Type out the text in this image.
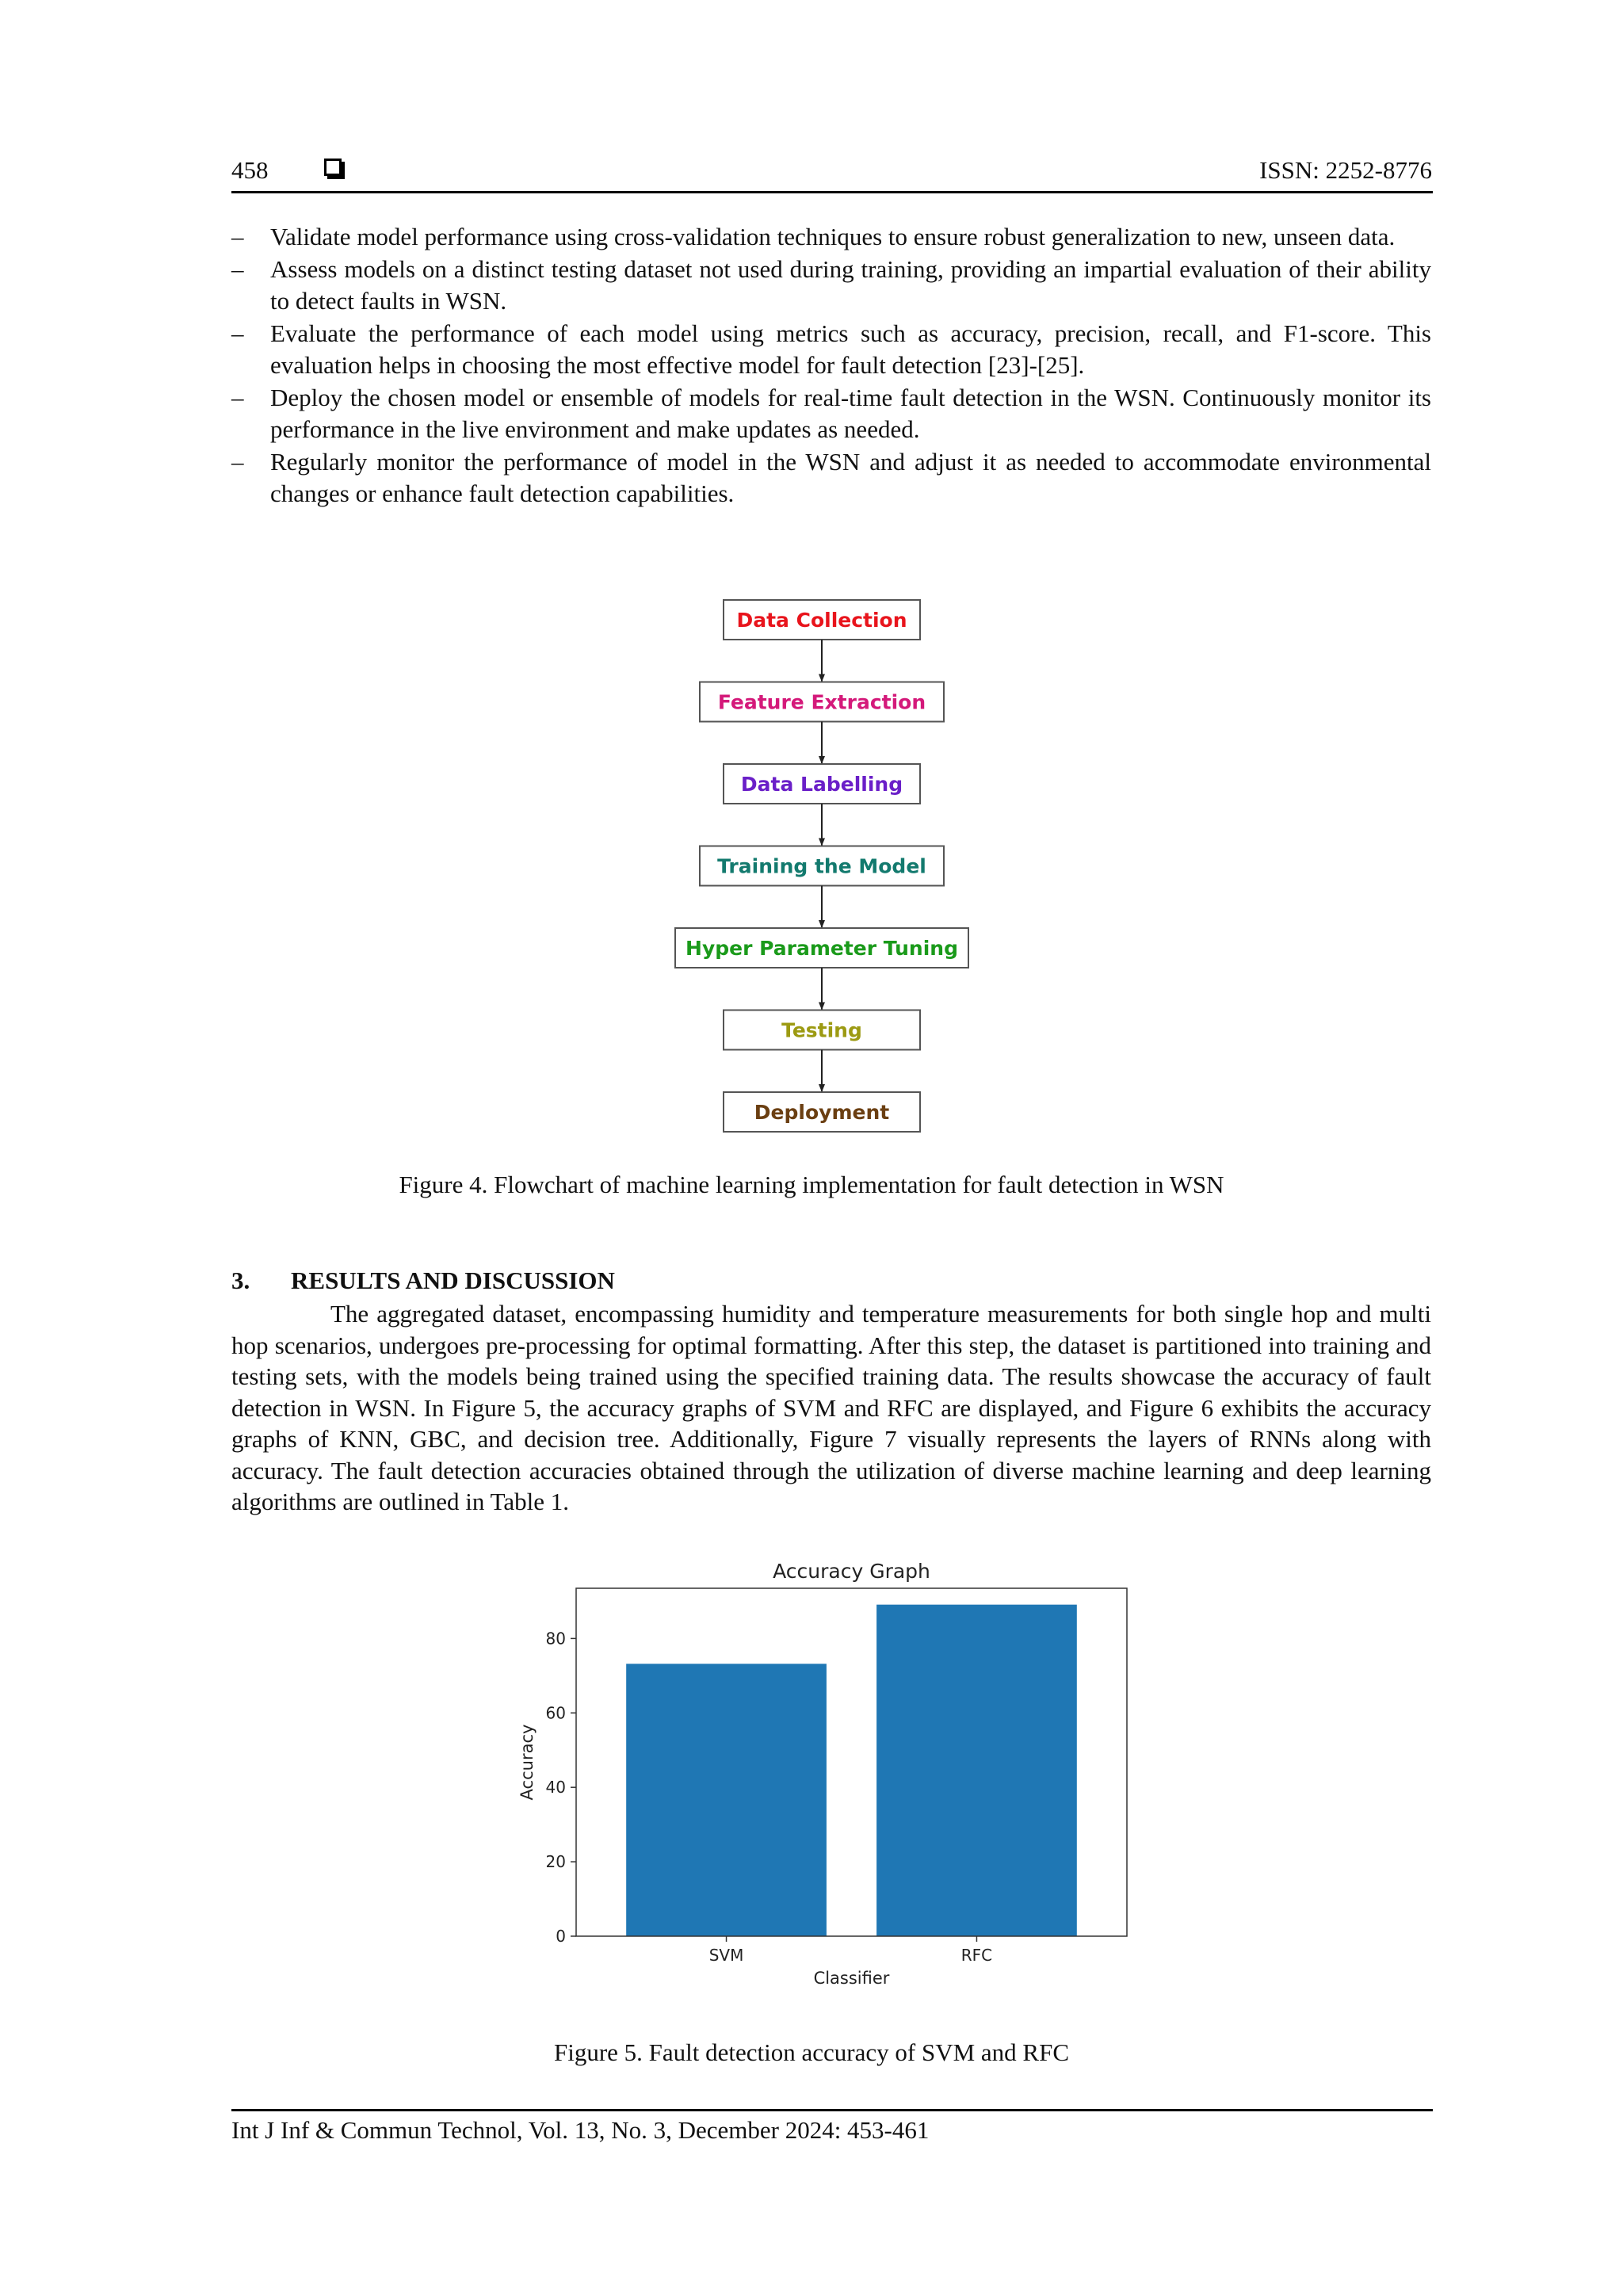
458	ISSN: 2252-8776
– Validate model performance using cross-validation techniques to ensure robust generalization to new, unseen data.
– Assess models on a distinct testing dataset not used during training, providing an impartial evaluation of their ability to detect faults in WSN.
– Evaluate the performance of each model using metrics such as accuracy, precision, recall, and F1-score. This evaluation helps in choosing the most effective model for fault detection [23]-[25].
– Deploy the chosen model or ensemble of models for real-time fault detection in the WSN. Continuously monitor its performance in the live environment and make updates as needed.
– Regularly monitor the performance of model in the WSN and adjust it as needed to accommodate environmental changes or enhance fault detection capabilities.
Data Collection
Feature Extraction
Data Labelling
Training the Model
Hyper Parameter Tuning
Testing
Deployment
Figure 4. Flowchart of machine learning implementation for fault detection in WSN
3. RESULTS AND DISCUSSION

The aggregated dataset, encompassing humidity and temperature measurements for both single hop and multi hop scenarios, undergoes pre-processing for optimal formatting. After this step, the dataset is partitioned into training and testing sets, with the models being trained using the specified training data. The results showcase the accuracy of fault detection in WSN. In Figure 5, the accuracy graphs of SVM and RFC are displayed, and Figure 6 exhibits the accuracy graphs of KNN, GBC, and decision tree. Additionally, Figure 7 visually represents the layers of RNNs along with accuracy. The fault detection accuracies obtained through the utilization of diverse machine learning and deep learning algorithms are outlined in Table 1.

Accuracy Graph
SVM	RFC
0
20
40
60
80
Classifier
Accuracy
Figure 5. Fault detection accuracy of SVM and RFC
Int J Inf & Commun Technol, Vol. 13, No. 3, December 2024: 453-461
